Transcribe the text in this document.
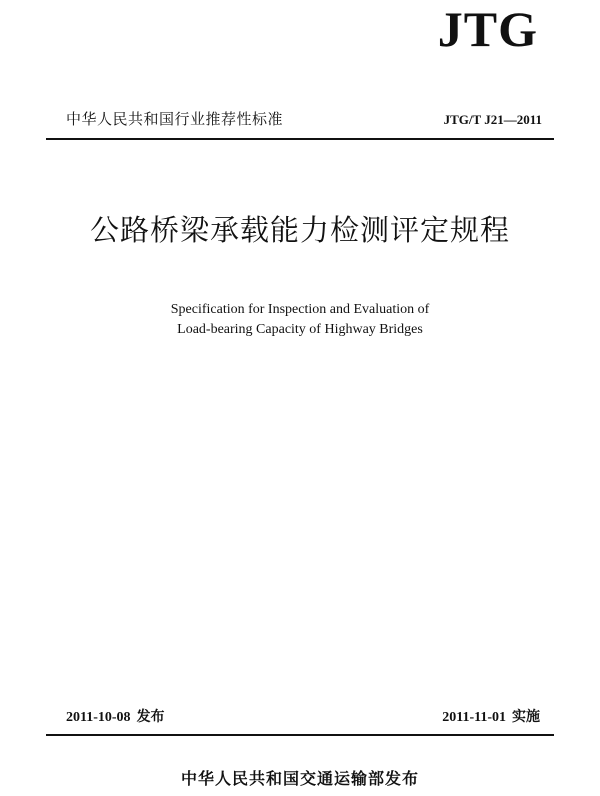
JTG
中华人民共和国行业推荐性标准	JTG/T J21—2011
公路桥梁承载能力检测评定规程
Specification for Inspection and Evaluation of
Load-bearing Capacity of Highway Bridges
2011-10-08 发布	2011-11-01 实施
中华人民共和国交通运输部发布
